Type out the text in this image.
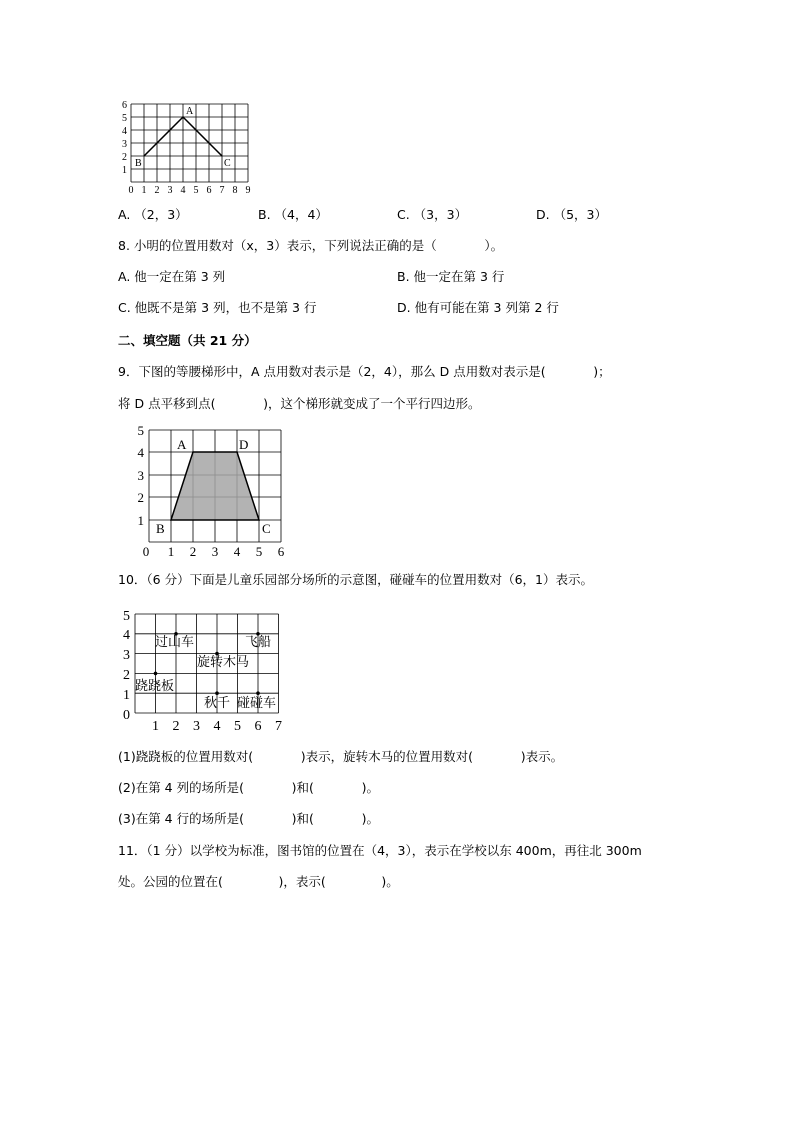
0 1 2 3 4 5 6 7 8 9
1
2
3
4
5
6
A
B	C
A. （2，3）	B. （4，4）	C. （3，3）	D. （5，3）
8. 小明的位置用数对（x，3）表示，下列说法正确的是（            ）。
A. 他一定在第 3 列	B. 他一定在第 3 行
C. 他既不是第 3 列，也不是第 3 行	D. 他有可能在第 3 列第 2 行
二、填空题（共 21 分）
9．下图的等腰梯形中，A 点用数对表示是（2，4），那么 D 点用数对表示是(            )；
将 D 点平移到点(            )，这个梯形就变成了一个平行四边形。
0 1 2 3 4 5 6
1
2
3
4
5
A	D
B	C
10．（6 分）下面是儿童乐园部分场所的示意图，碰碰车的位置用数对（6，1）表示。
1 2 3 4 5 6 7
0
1
2
3
4
5
过山车	飞船
旋转木马
跷跷板
秋千 碰碰车
(1)跷跷板的位置用数对(            )表示，旋转木马的位置用数对(            )表示。
(2)在第 4 列的场所是(            )和(            )。
(3)在第 4 行的场所是(            )和(            )。
11．（1 分）以学校为标准，图书馆的位置在（4，3），表示在学校以东 400m，再往北 300m
处。公园的位置在(              )，表示(              )。
